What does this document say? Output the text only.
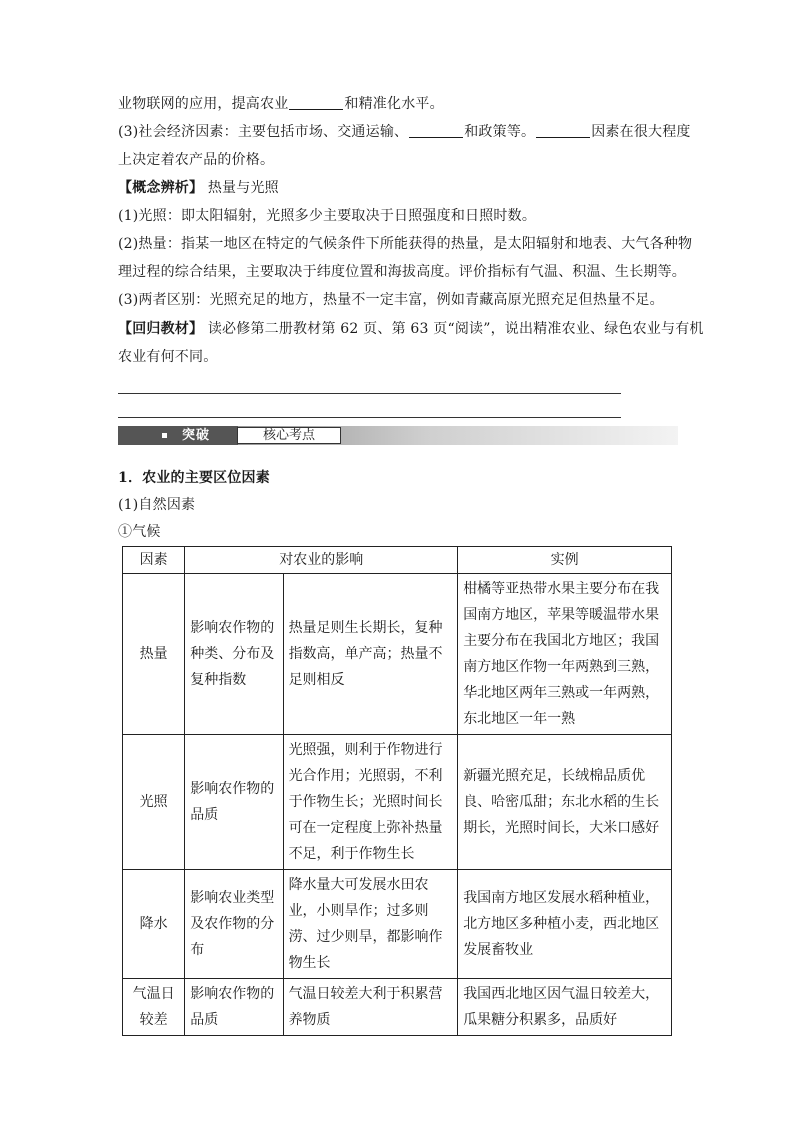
业物联网的应用，提高农业	和精准化水平。
(3)社会经济因素：主要包括市场、交通运输、	和政策等。	因素在很大程度
上决定着农产品的价格。
【概念辨析】 热量与光照
(1)光照：即太阳辐射，光照多少主要取决于日照强度和日照时数。
(2)热量：指某一地区在特定的气候条件下所能获得的热量，是太阳辐射和地表、大气各种物
理过程的综合结果，主要取决于纬度位置和海拔高度。评价指标有气温、积温、生长期等。
(3)两者区别：光照充足的地方，热量不一定丰富，例如青藏高原光照充足但热量不足。
【回归教材】 读必修第二册教材第 62 页、第 63 页“阅读”，说出精准农业、绿色农业与有机
农业有何不同。
突破	核心考点
1．农业的主要区位因素
(1)自然因素
①气候
因素	对农业的影响		实例
热量	影响农作物的种类、分布及复种指数	热量足则生长期长，复种指数高，单产高；热量不足则相反	柑橘等亚热带水果主要分布在我国南方地区，苹果等暖温带水果主要分布在我国北方地区；我国南方地区作物一年两熟到三熟，华北地区两年三熟或一年两熟，东北地区一年一熟
光照	影响农作物的品质	光照强，则利于作物进行光合作用；光照弱，不利于作物生长；光照时间长可在一定程度上弥补热量不足，利于作物生长	新疆光照充足，长绒棉品质优良、哈密瓜甜；东北水稻的生长期长，光照时间长，大米口感好
降水	影响农业类型及农作物的分布	降水量大可发展水田农业，小则旱作；过多则涝、过少则旱，都影响作物生长	我国南方地区发展水稻种植业，北方地区多种植小麦，西北地区发展畜牧业
气温日较差	影响农作物的品质	气温日较差大利于积累营养物质	我国西北地区因气温日较差大，瓜果糖分积累多，品质好
